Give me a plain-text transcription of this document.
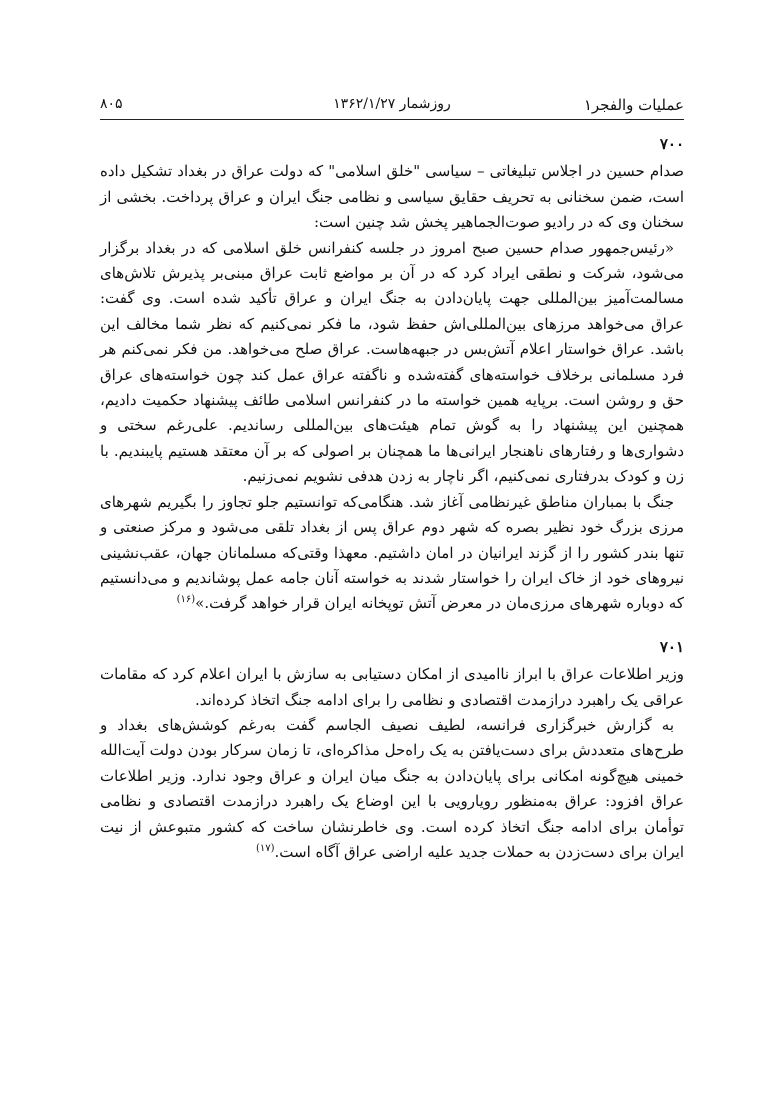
عملیات والفجر۱
روزشمار ۱۳۶۲/۱/۲۷
۸۰۵
۷۰۰

صدام حسین در اجلاس تبلیغاتی – سیاسی "خلق اسلامی" که دولت عراق در بغداد تشکیل داده است، ضمن سخنانی به تحریف حقایق سیاسی و نظامی جنگ ایران و عراق پرداخت. بخشی از سخنان وی که در رادیو صوت‌الجماهیر پخش شد چنین است:

«رئیس‌جمهور صدام حسین صبح امروز در جلسه کنفرانس خلق اسلامی که در بغداد برگزار می‌شود، شرکت و نطقی ایراد کرد که در آن بر مواضع ثابت عراق مبنی‌بر پذیرش تلاش‌های مسالمت‌آمیز بین‌المللی جهت پایان‌دادن به جنگ ایران و عراق تأکید شده است. وی گفت: عراق می‌خواهد مرزهای بین‌المللی‌اش حفظ شود، ما فکر نمی‌کنیم که نظر شما مخالف این باشد. عراق خواستار اعلام آتش‌بس در جبهه‌هاست. عراق صلح می‌خواهد. من فکر نمی‌کنم هر فرد مسلمانی برخلاف خواسته‌های گفته‌شده و ناگفته عراق عمل کند چون خواسته‌های عراق حق و روشن است. برپایه همین خواسته ما در کنفرانس اسلامی طائف پیشنهاد حکمیت دادیم، همچنین این پیشنهاد را به گوش تمام هیئت‌های بین‌المللی رساندیم. علی‌رغم سختی و دشواری‌ها و رفتارهای ناهنجار ایرانی‌ها ما همچنان بر اصولی که بر آن معتقد هستیم پایبندیم. با زن و کودک بدرفتاری نمی‌کنیم، اگر ناچار به زدن هدفی نشویم نمی‌زنیم.

جنگ با بمباران مناطق غیرنظامی آغاز شد. هنگامی‌که توانستیم جلو تجاوز را بگیریم شهرهای مرزی بزرگ خود نظیر بصره که شهر دوم عراق پس از بغداد تلقی می‌شود و مرکز صنعتی و تنها بندر کشور را از گزند ایرانیان در امان داشتیم. معهذا وقتی‌که مسلمانان جهان، عقب‌نشینی نیروهای خود از خاک ایران را خواستار شدند به خواسته آنان جامه عمل پوشاندیم و می‌دانستیم که دوباره شهرهای مرزی‌مان در معرض آتش توپخانه ایران قرار خواهد گرفت.»$^{(۱۶)}$

۷۰۱

وزیر اطلاعات عراق با ابراز ناامیدی از امکان دستیابی به سازش با ایران اعلام کرد که مقامات عراقی یک راهبرد درازمدت اقتصادی و نظامی را برای ادامه جنگ اتخاذ کرده‌اند.

به گزارش خبرگزاری فرانسه، لطیف نصیف الجاسم گفت به‌رغم کوشش‌های بغداد و طرح‌های متعددش برای دست‌یافتن به یک راه‌حل مذاکره‌ای، تا زمان سرکار بودن دولت آیت‌الله خمینی هیچ‌گونه امکانی برای پایان‌دادن به جنگ میان ایران و عراق وجود ندارد. وزیر اطلاعات عراق افزود: عراق به‌منظور رویارویی با این اوضاع یک راهبرد درازمدت اقتصادی و نظامی توأمان برای ادامه جنگ اتخاذ کرده است. وی خاطرنشان ساخت که کشور متبوعش از نیت ایران برای دست‌زدن به حملات جدید علیه اراضی عراق آگاه است.$^{(۱۷)}$
